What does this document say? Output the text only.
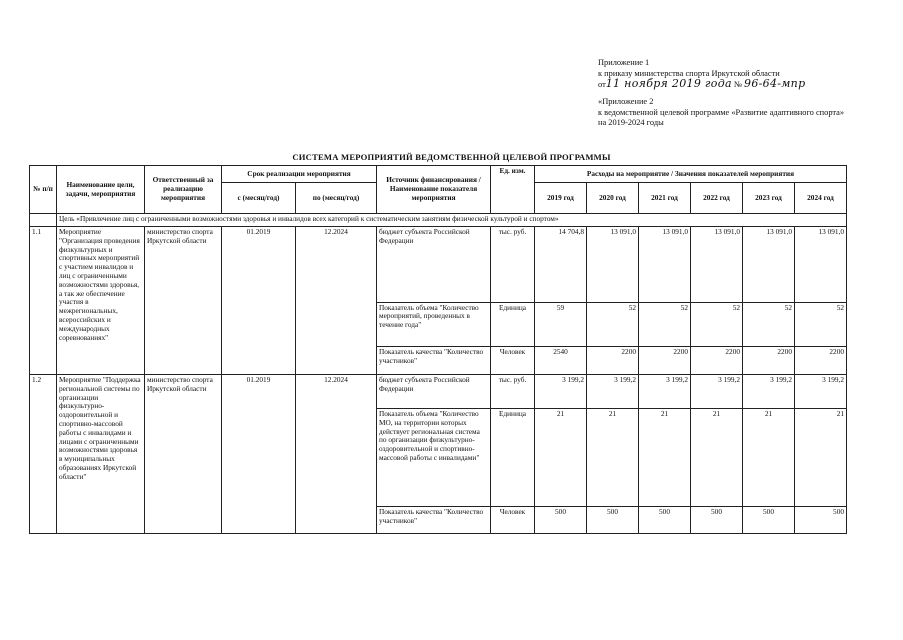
Приложение 1
к приказу министерства спорта Иркутской области
от11 ноября 2019 года № 96-64-мпр
«Приложение 2
к ведомственной целевой программе «Развитие адаптивного спорта»
на 2019-2024 годы
СИСТЕМА МЕРОПРИЯТИЙ ВЕДОМСТВЕННОЙ ЦЕЛЕВОЙ ПРОГРАММЫ
№ п/п	Наименование цели, задачи, мероприятия	Ответственный за реализацию мероприятия	Срок реализации мероприятия		Источник финансирования / Наименование показателя мероприятия	Ед. изм.	Расходы на мероприятие / Значения показателей мероприятия					
			с (месяц/год)	по (месяц/год)			2019 год	2020 год	2021 год	2022 год	2023 год	2024 год
	Цель «Привлечение лиц с ограниченными возможностями здоровья и инвалидов всех категорий к систематическим занятиям физической культурой и спортом»											
1.1	Мероприятие "Организация проведения физкультурных и спортивных мероприятий с участием инвалидов и лиц с ограниченными возможностями здоровья, а так же обеспечение участия в межрегиональных, всероссийских и международных соревнованиях"	министерство спорта Иркутской области	01.2019	12.2024	бюджет субъекта Российской Федерации	тыс. руб.	14 704,8	13 091,0	13 091,0	13 091,0	13 091,0	13 091,0
					Показатель объема "Количество мероприятий, проведенных в течение года"	Единица	59	52	52	52	52	52
					Показатель качества "Количество участников"	Человек	2540	2200	2200	2200	2200	2200
1.2	Мероприятие "Поддержка региональной системы по организации физкультурно-оздоровительной и спортивно-массовой работы с инвалидами и лицами с ограниченными возможностями здоровья в муниципальных образованиях Иркутской области"	министерство спорта Иркутской области	01.2019	12.2024	бюджет субъекта Российской Федерации	тыс. руб.	3 199,2	3 199,2	3 199,2	3 199,2	3 199,2	3 199,2
					Показатель объема "Количество МО, на территории которых действует региональная система по организации физкультурно-оздоровительной и спортивно-массовой работы с инвалидами"	Единица	21	21	21	21	21	21
					Показатель качества "Количество участников"	Человек	500	500	500	500	500	500
